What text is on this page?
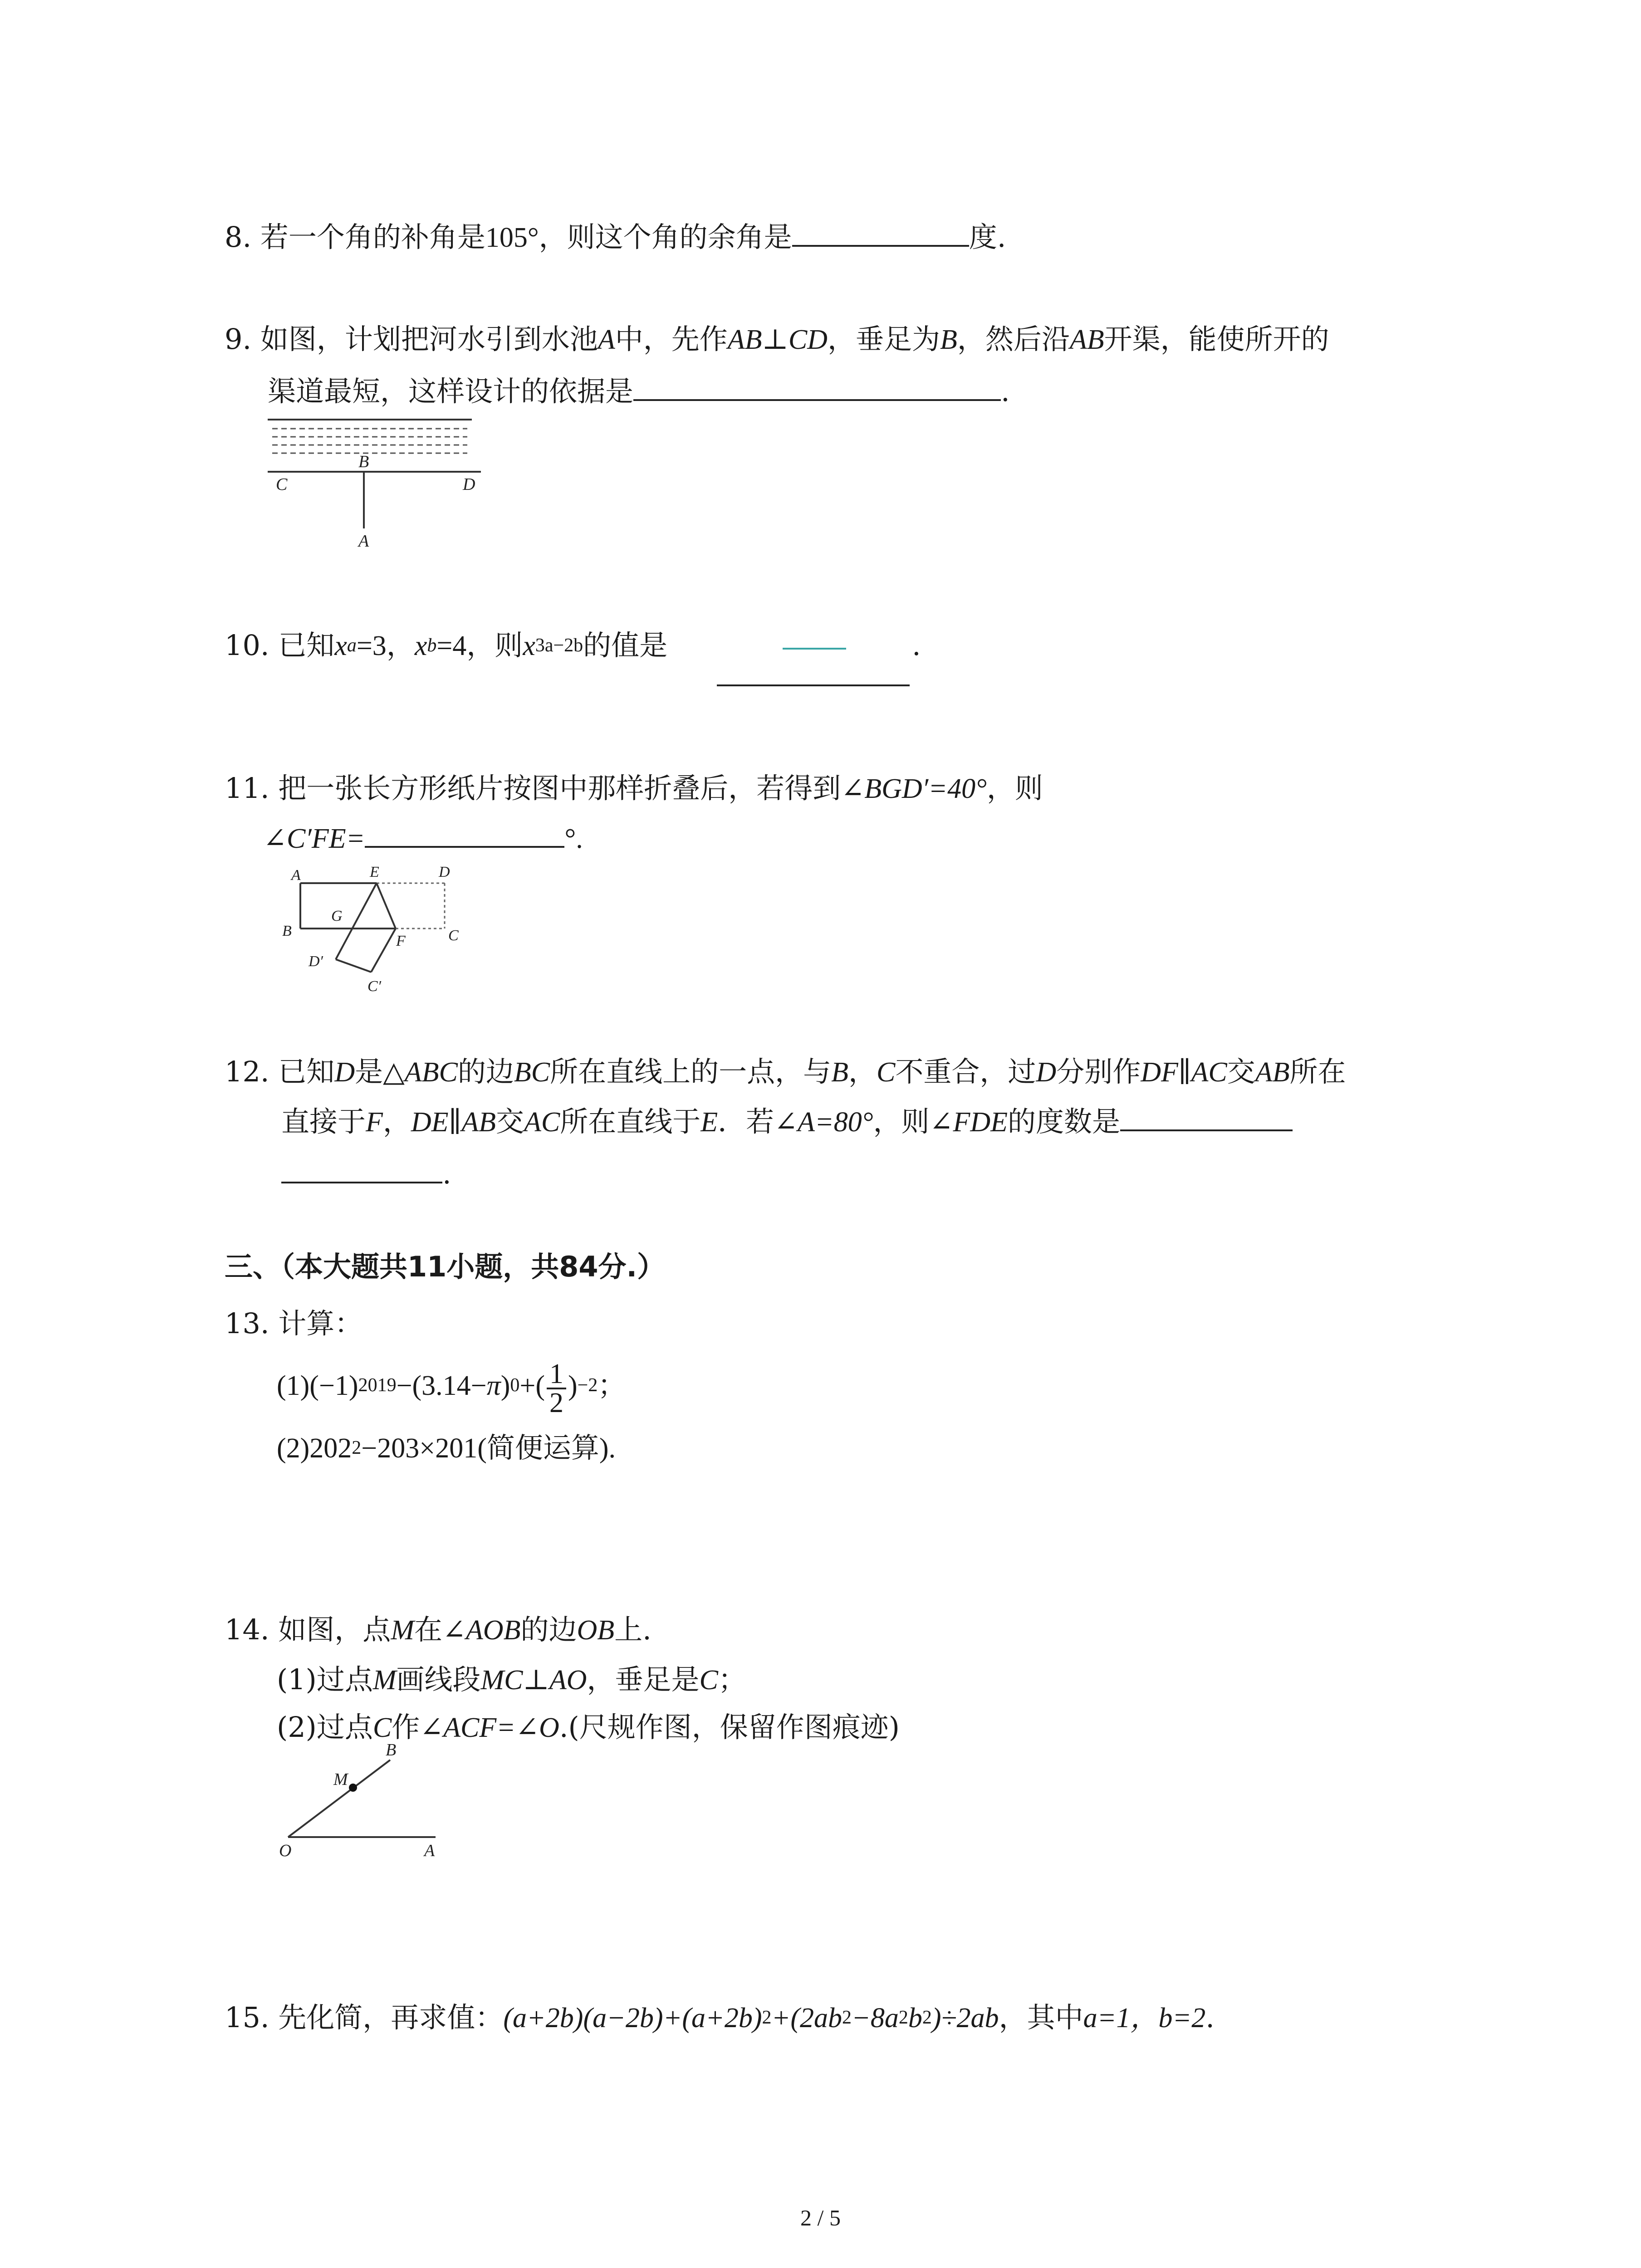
8. 若一个角的补角是105°，则这个角的余角是	度.
9. 如图，计划把河水引到水池A中，先作AB⊥CD，垂足为B，然后沿AB开渠，能使所开的
渠道最短，这样设计的依据是	.
C
B
D
A
10. 已知$x^a=3$，$x^b=4$，则$x^{3a-2b}$的值是	.
11. 把一张长方形纸片按图中那样折叠后，若得到∠BGD′=40°，则
∠C′FE=	°.
A	E	D
G
B
F	C
D′
C′
12. 已知D是△ABC的边BC所在直线上的一点，与B，C不重合，过D分别作DF∥AC交AB所在
直接于F，DE∥AB交AC所在直线于E．若∠A=80°，则∠FDE的度数是
.
三、（本大题共11小题，共84分.）
13. 计算：
$(1)(-1)^{2019}-(3.14-\pi)^0+( \frac{1}{2} )^{-2}$；
$(2)202^2-203\times 201$(简便运算).
14. 如图，点M在∠AOB的边OB上.
(1)过点M画线段MC⊥AO，垂足是C；
(2)过点C作∠ACF=∠O.(尺规作图，保留作图痕迹)
O	A
B
M
15. 先化简，再求值：$(a+2b)(a-2b)+(a+2b)^2+(2ab^2-8a^2b^2)\div 2ab$，其中a=1，b=2.
2 / 5
